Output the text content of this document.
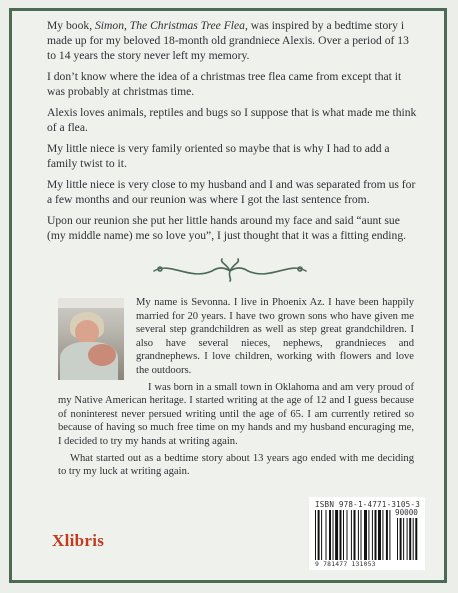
My book, Simon, The Christmas Tree Flea, was inspired by a bedtime story i made up for my beloved 18-month old grandniece Alexis. Over a period of 13 to 14 years the story never left my memory.

I don’t know where the idea of a christmas tree flea came from except that it was probably at christmas time.

Alexis loves animals, reptiles and bugs so I suppose that is what made me think of a flea.

My little niece is very family oriented so maybe that is why I had to add a family twist to it.

My little niece is very close to my husband and I and was separated from us for a few months and our reunion was where I got the last sentence from.

Upon our reunion she put her little hands around my face and said “aunt sue (my middle name) me so love you”, I just thought that it was a fitting ending.

My name is Sevonna. I live in Phoenix Az. I have been happily married for 20 years. I have two grown sons who have given me several step grandchildren as well as step great grandchildren. I also have several nieces, nephews, grandnieces and grandnephews. I love children, working with flowers and love the outdoors.

I was born in a small town in Oklahoma and am very proud of my Native American heritage. I started writing at the age of 12 and I guess because of noninterest never persued writing until the age of 65. I am currently retired so because of having so much free time on my hands and my husband encuraging me, I decided to try my hands at writing again.

What started out as a bedtime story about 13 years ago ended with me deciding to try my luck at writing again.

ISBN 978-1-4771-3105-3
9 781477 131053
90000
Xlibris
